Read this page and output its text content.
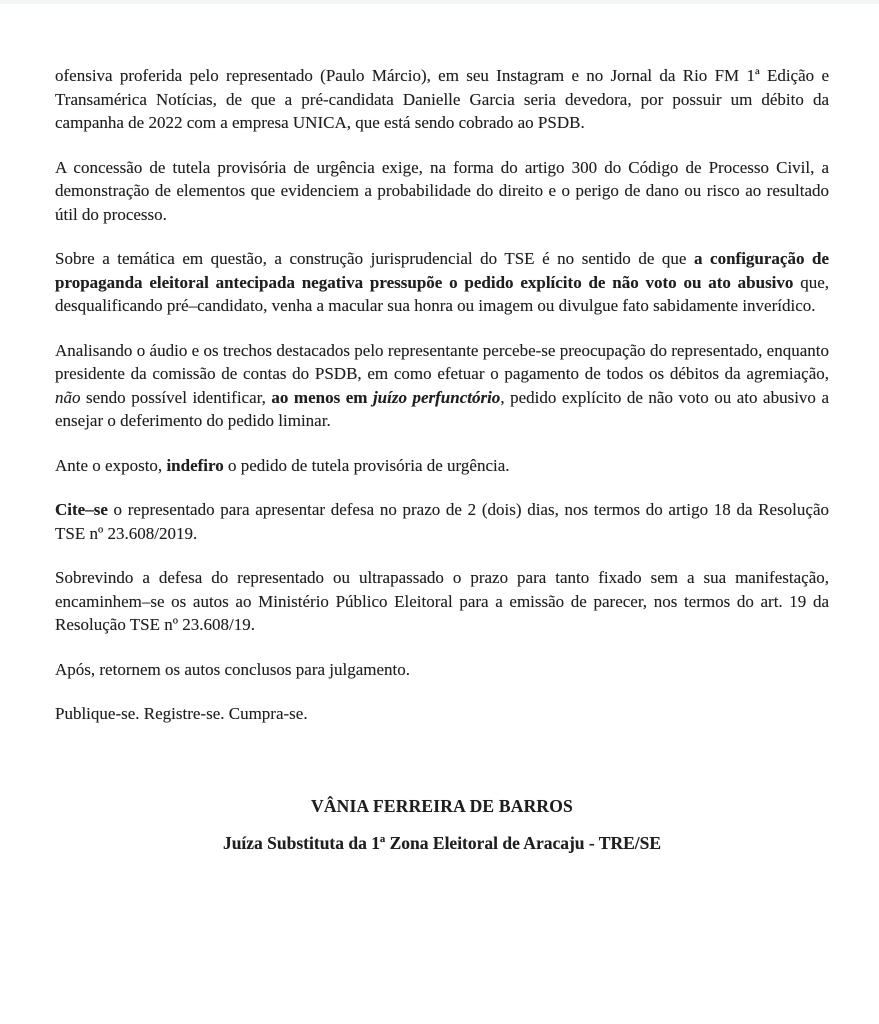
ofensiva proferida pelo representado (Paulo Márcio), em seu Instagram e no Jornal da Rio FM 1ª Edição e Transamérica Notícias, de que a pré-candidata Danielle Garcia seria devedora, por possuir um débito da campanha de 2022 com a empresa UNICA, que está sendo cobrado ao PSDB.

A concessão de tutela provisória de urgência exige, na forma do artigo 300 do Código de Processo Civil, a demonstração de elementos que evidenciem a probabilidade do direito e o perigo de dano ou risco ao resultado útil do processo.

Sobre a temática em questão, a construção jurisprudencial do TSE é no sentido de que a configuração de propaganda eleitoral antecipada negativa pressupõe o pedido explícito de não voto ou ato abusivo que, desqualificando pré–candidato, venha a macular sua honra ou imagem ou divulgue fato sabidamente inverídico.

Analisando o áudio e os trechos destacados pelo representante percebe-se preocupação do representado, enquanto presidente da comissão de contas do PSDB, em como efetuar o pagamento de todos os débitos da agremiação, não sendo possível identificar, ao menos em juízo perfunctório, pedido explícito de não voto ou ato abusivo a ensejar o deferimento do pedido liminar.

Ante o exposto, indefiro o pedido de tutela provisória de urgência.

Cite–se o representado para apresentar defesa no prazo de 2 (dois) dias, nos termos do artigo 18 da Resolução TSE nº 23.608/2019.

Sobrevindo a defesa do representado ou ultrapassado o prazo para tanto fixado sem a sua manifestação, encaminhem–se os autos ao Ministério Público Eleitoral para a emissão de parecer, nos termos do art. 19 da Resolução TSE nº 23.608/19.

Após, retornem os autos conclusos para julgamento.

Publique-se. Registre-se. Cumpra-se.

VÂNIA FERREIRA DE BARROS

Juíza Substituta da 1ª Zona Eleitoral de Aracaju - TRE/SE
